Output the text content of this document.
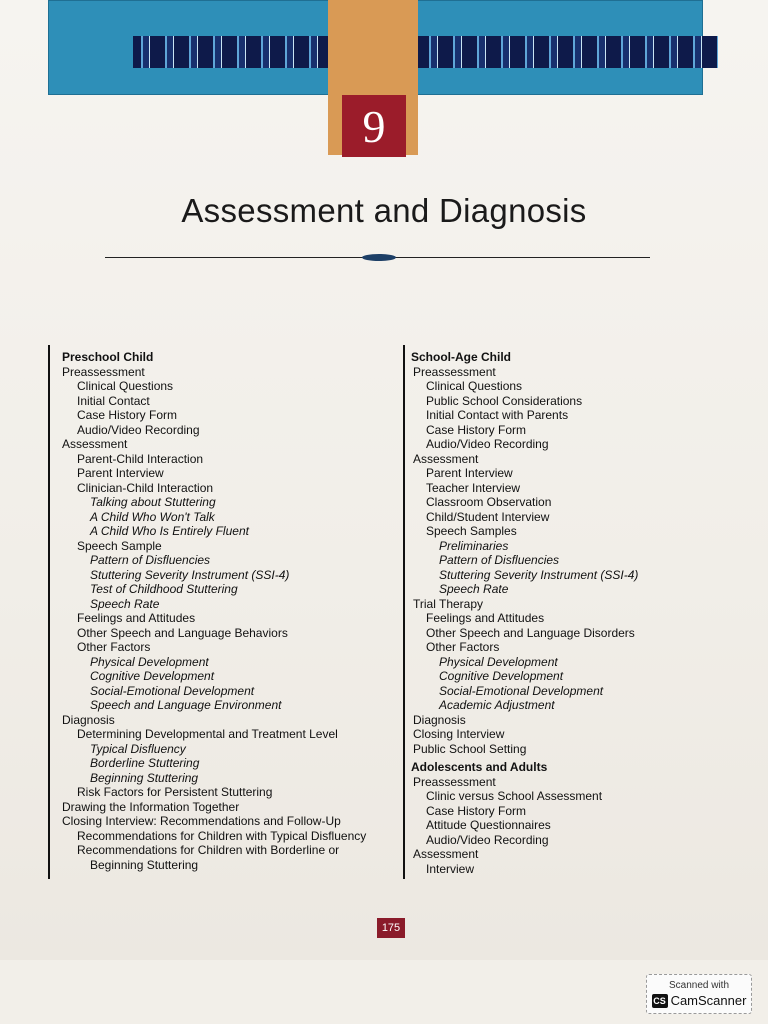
9
Assessment and Diagnosis
Preschool Child
Preassessment
Clinical Questions
Initial Contact
Case History Form
Audio/Video Recording
Assessment
Parent-Child Interaction
Parent Interview
Clinician-Child Interaction
Talking about Stuttering
A Child Who Won't Talk
A Child Who Is Entirely Fluent
Speech Sample
Pattern of Disfluencies
Stuttering Severity Instrument (SSI-4)
Test of Childhood Stuttering
Speech Rate
Feelings and Attitudes
Other Speech and Language Behaviors
Other Factors
Physical Development
Cognitive Development
Social-Emotional Development
Speech and Language Environment
Diagnosis
Determining Developmental and Treatment Level
Typical Disfluency
Borderline Stuttering
Beginning Stuttering
Risk Factors for Persistent Stuttering
Drawing the Information Together
Closing Interview: Recommendations and Follow-Up
Recommendations for Children with Typical Disfluency
Recommendations for Children with Borderline or
Beginning Stuttering
School-Age Child
Preassessment
Clinical Questions
Public School Considerations
Initial Contact with Parents
Case History Form
Audio/Video Recording
Assessment
Parent Interview
Teacher Interview
Classroom Observation
Child/Student Interview
Speech Samples
Preliminaries
Pattern of Disfluencies
Stuttering Severity Instrument (SSI-4)
Speech Rate
Trial Therapy
Feelings and Attitudes
Other Speech and Language Disorders
Other Factors
Physical Development
Cognitive Development
Social-Emotional Development
Academic Adjustment
Diagnosis
Closing Interview
Public School Setting
Adolescents and Adults
Preassessment
Clinic versus School Assessment
Case History Form
Attitude Questionnaires
Audio/Video Recording
Assessment
Interview
175
Scanned with
CS CamScanner
